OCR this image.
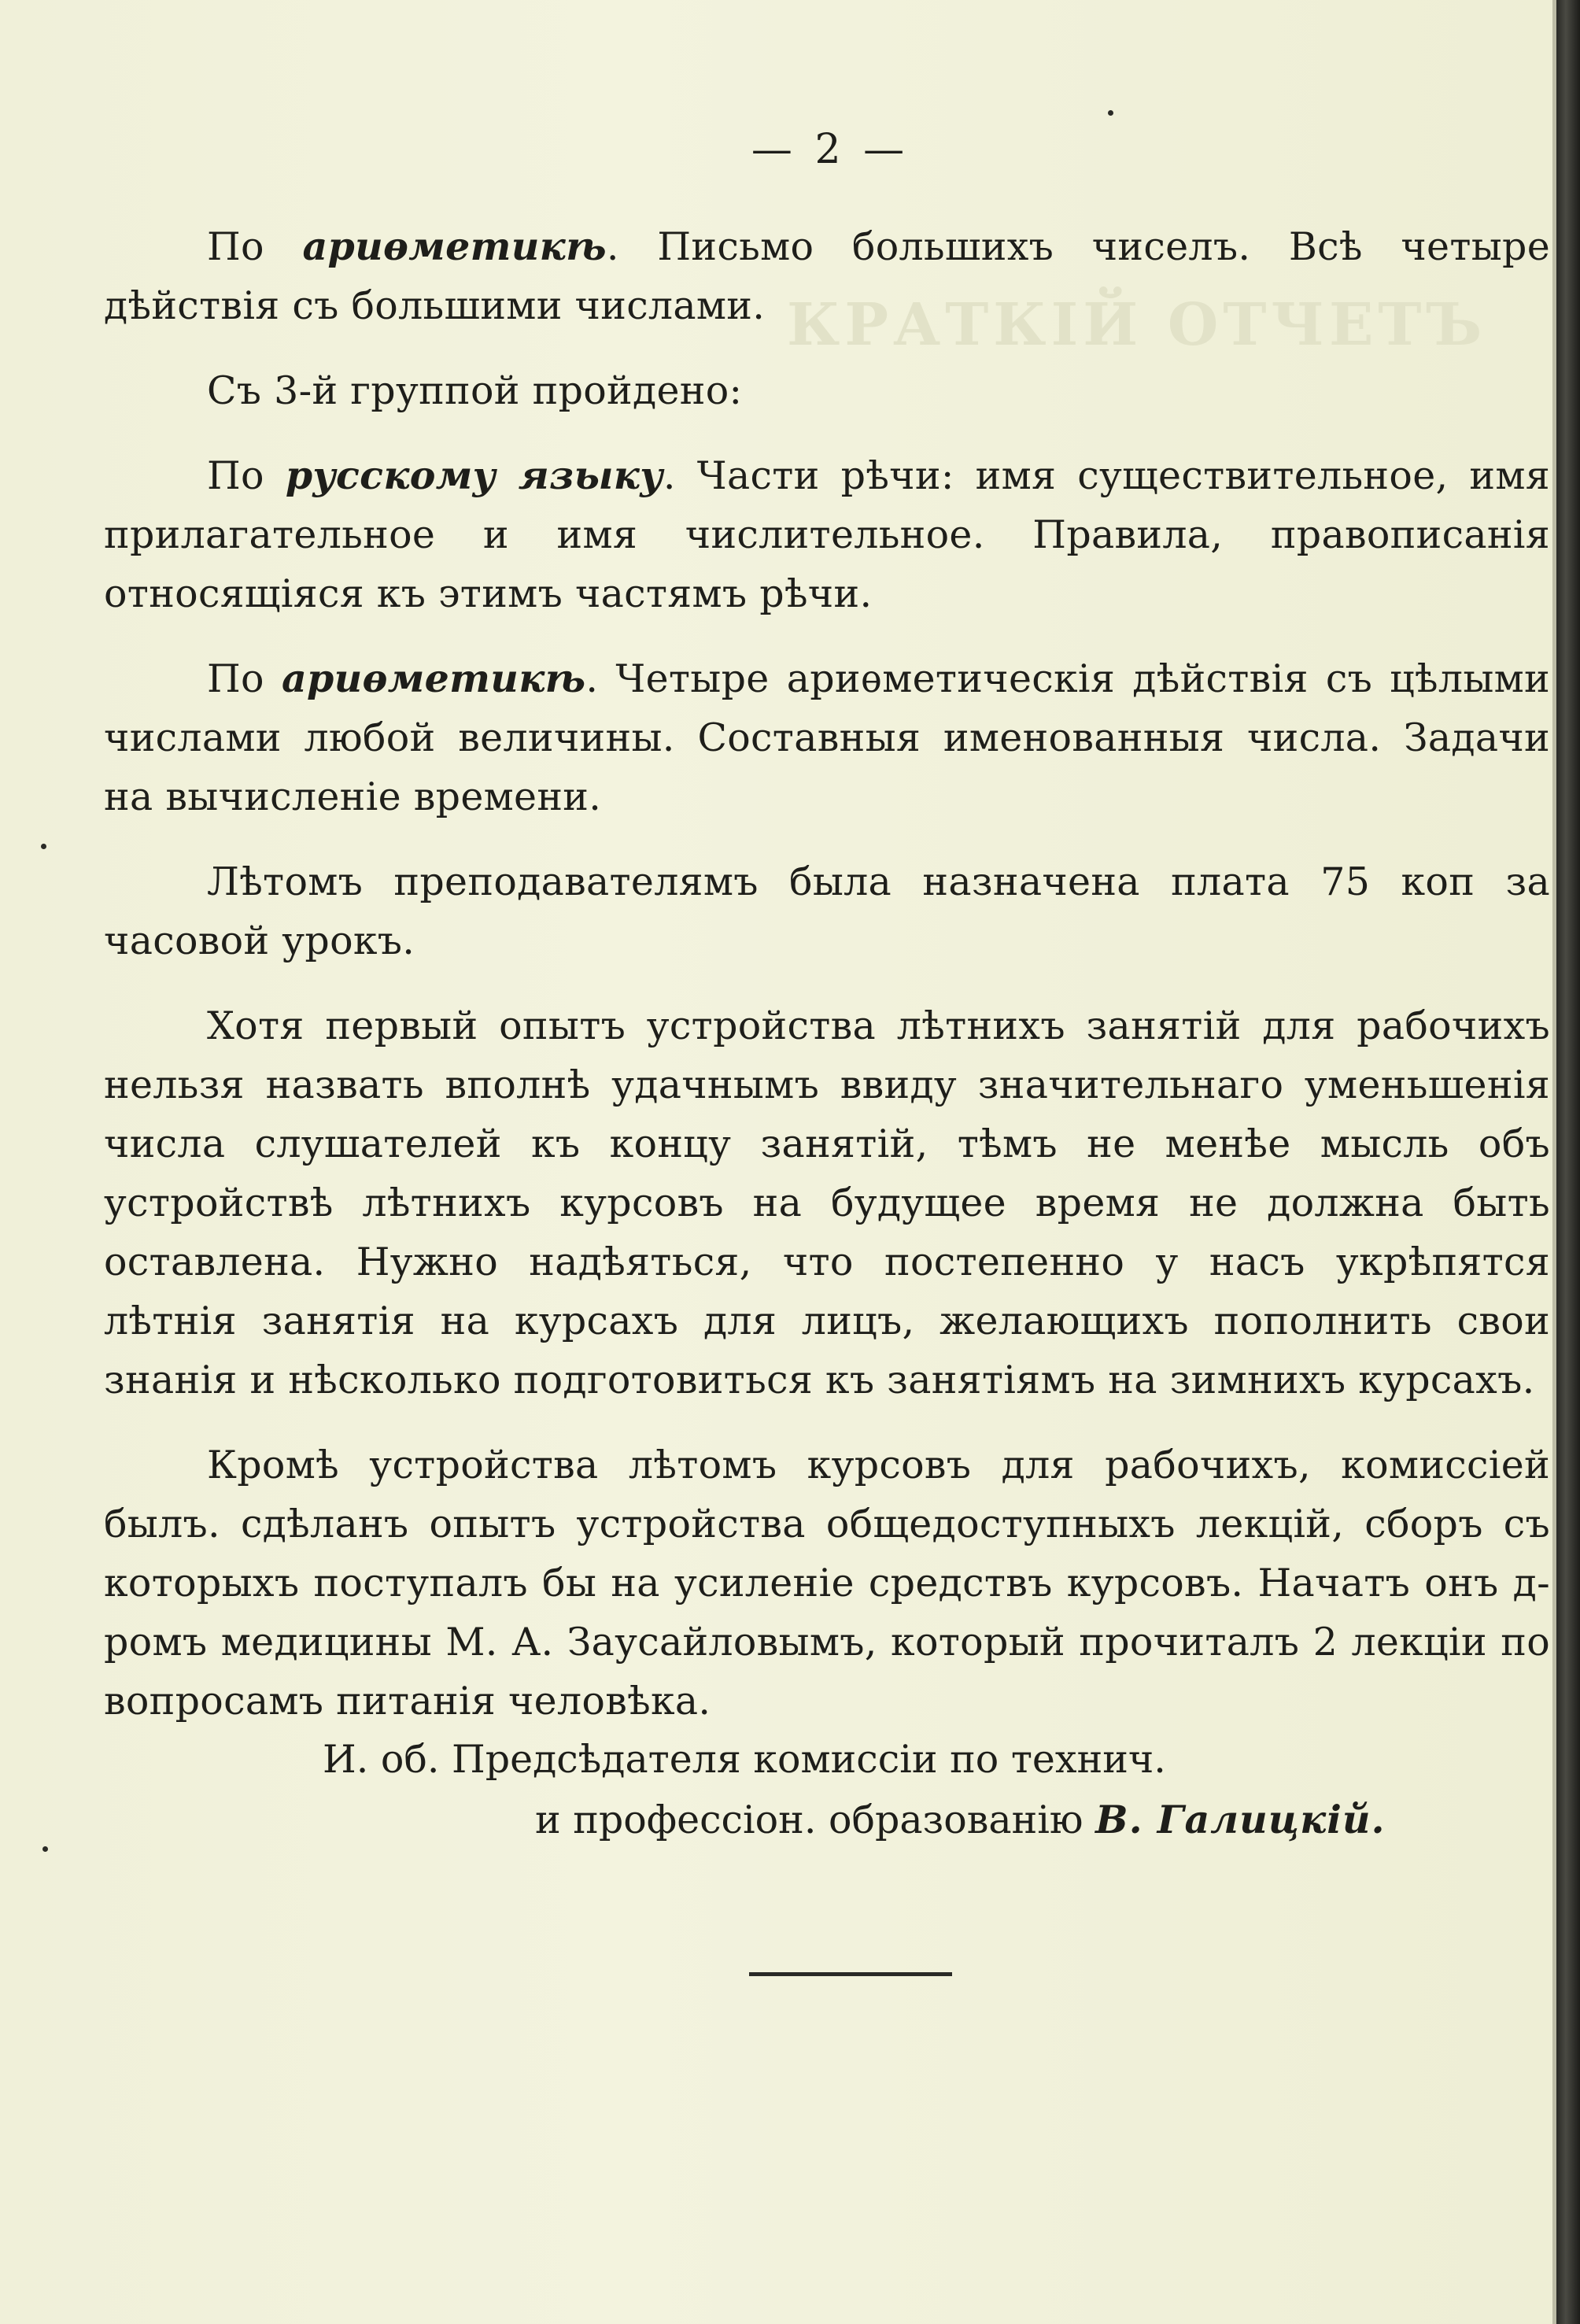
КРАТКІЙ ОТЧЕТЪ

— 2 —

По ариѳметикѣ. Письмо большихъ чиселъ. Всѣ четыре дѣйствія съ большими числами.

Съ 3-й группой пройдено:

По русскому языку. Части рѣчи: имя существительное, имя прилагательное и имя числительное. Правила, правописанія относящіяся къ этимъ частямъ рѣчи.

По ариѳметикѣ. Четыре ариѳметическія дѣйствія съ цѣлыми числами любой величины. Составныя именованныя числа. Задачи на вычисленіе времени.

Лѣтомъ преподавателямъ была назначена плата 75 коп за часовой урокъ.

Хотя первый опытъ устройства лѣтнихъ занятій для рабочихъ нельзя назвать вполнѣ удачнымъ ввиду значительнаго уменьшенія числа слушателей къ концу занятій, тѣмъ не менѣе мысль объ устройствѣ лѣтнихъ курсовъ на будущее время не должна быть оставлена. Нужно надѣяться, что постепенно у насъ укрѣпятся лѣтнія занятія на курсахъ для лицъ, желающихъ пополнить свои знанія и нѣсколько подготовиться къ занятіямъ на зимнихъ курсахъ.

Кромѣ устройства лѣтомъ курсовъ для рабочихъ, комиссіей былъ. сдѣланъ опытъ устройства общедоступныхъ лекцій, сборъ съ которыхъ поступалъ бы на усиленіе средствъ курсовъ. Начатъ онъ д-ромъ медицины М. А. Заусайловымъ, который прочиталъ 2 лекціи по вопросамъ питанія человѣка.

И. об. Предсѣдателя комиссіи по технич.
и профессіон. образованію В. Галицкій.
